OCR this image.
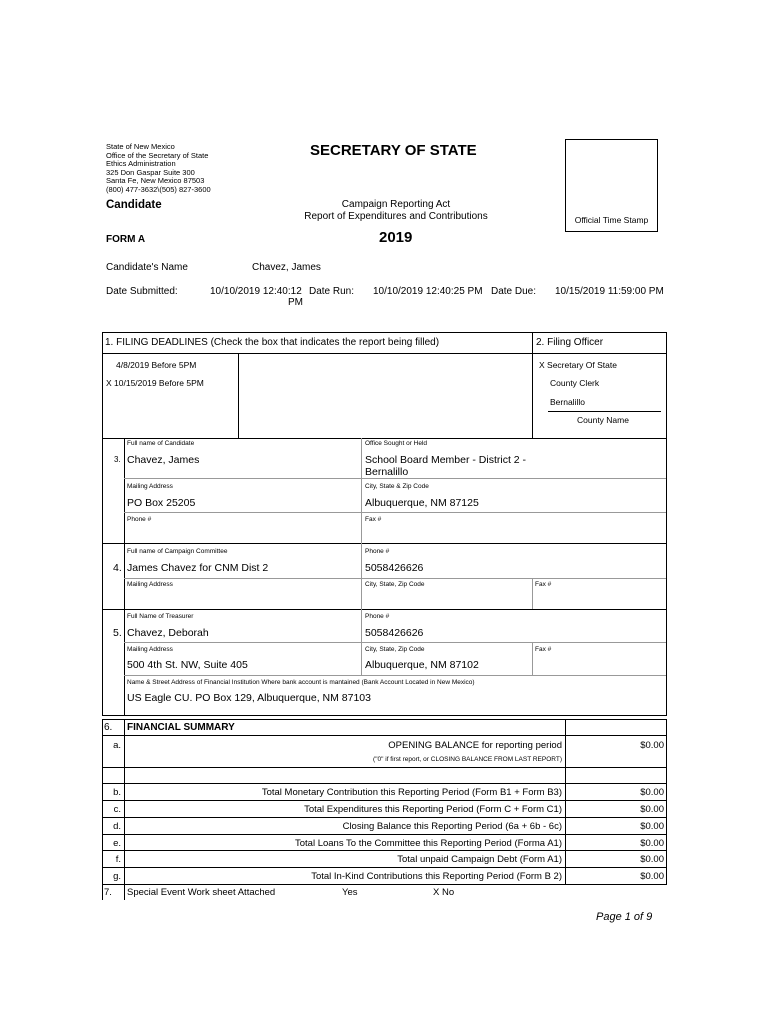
State of New Mexico
Office of the Secretary of State
Ethics Administration
325 Don Gaspar Suite 300
Santa Fe, New Mexico 87503
(800) 477-3632\(505) 827-3600
SECRETARY OF STATE
Candidate	Campaign Reporting Act
Report of Expenditures and Contributions
FORM A	2019
Official Time Stamp
Candidate's Name	Chavez, James
Date Submitted:	10/10/2019 12:40:12
PM
Date Run: 10/10/2019 12:40:25 PM Date Due: 10/15/2019 11:59:00 PM
1. FILING DEADLINES (Check the box that indicates the report being filled)
4/8/2019 Before 5PM
X 10/15/2019 Before 5PM
2. Filing Officer
X Secretary Of State
County Clerk
Bernalillo
County Name
3.
Full name of Candidate
Chavez, James
Office Sought or Held
School Board Member - District 2 -
Bernalillo
Mailing Address
PO Box 25205
City, State & Zip Code
Albuquerque, NM 87125
Phone #	Fax #
4.
Full name of Campaign Committee
James Chavez for CNM Dist 2
Phone #
5058426626
Mailing Address	City, State, Zip Code	Fax #
5.
Full Name of Treasurer
Chavez, Deborah
Phone #
5058426626
Mailing Address	City, State, Zip Code	Fax #
500 4th St. NW, Suite 405	Albuquerque, NM 87102
Name & Street Address of Financial Institution Where bank account is mantained (Bank Account Located in New Mexico)
US Eagle CU. PO Box 129, Albuquerque, NM 87103
6. FINANCIAL SUMMARY
a.	OPENING BALANCE for reporting period	$0.00
("0" if first report, or CLOSING BALANCE FROM LAST REPORT)
b.	Total Monetary Contribution this Reporting Period (Form B1 + Form B3)	$0.00
c.	Total Expenditures this Reporting Period (Form C + Form C1)	$0.00
d.	Closing Balance this Reporting Period (6a + 6b - 6c)	$0.00
e.	Total Loans To the Committee this Reporting Period (Forma A1)	$0.00
f.	Total unpaid Campaign Debt (Form A1)	$0.00
g.	Total In-Kind Contributions this Reporting Period (Form B 2)	$0.00
7. Special Event Work sheet Attached	Yes	X No
Page 1 of 9
